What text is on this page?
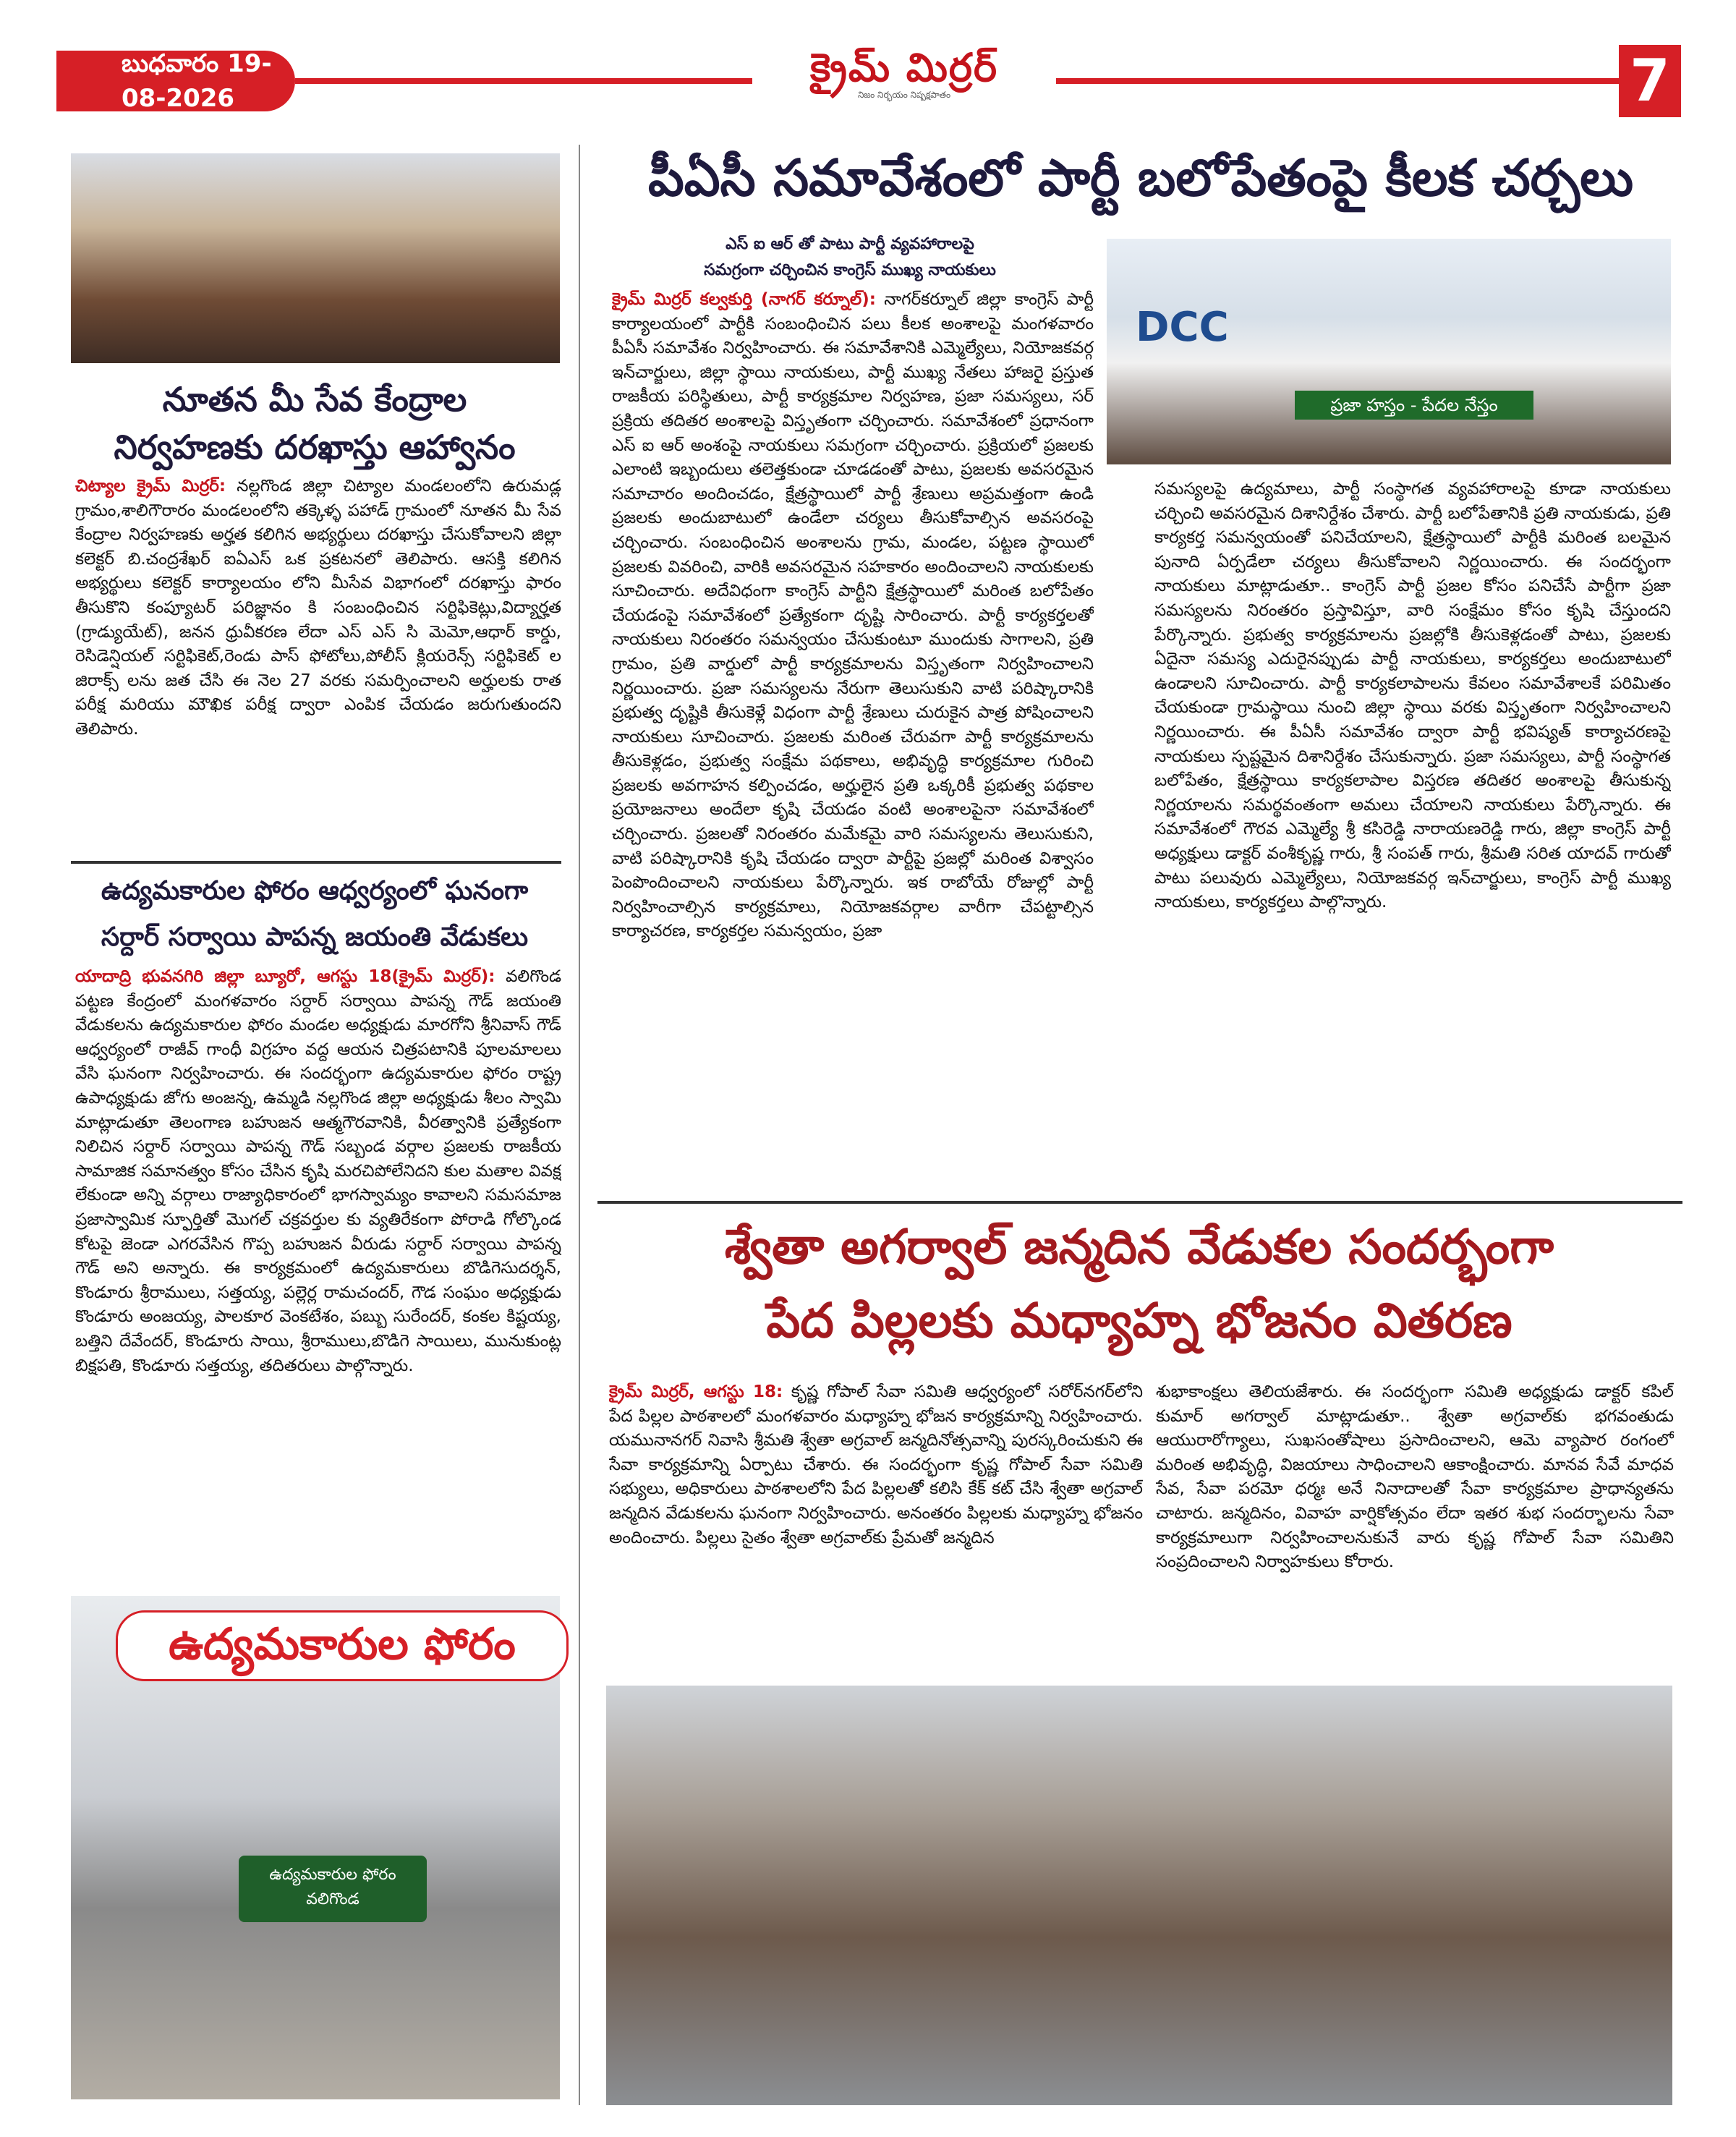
బుధవారం 19-08-2026
క్రైమ్ మిర్రర్
నిజం నిర్భయం నిష్పక్షపాతం	7
నూతన మీ సేవ కేంద్రాల
నిర్వహణకు దరఖాస్తు ఆహ్వానం
చిట్యాల క్రైమ్ మిర్రర్: నల్లగొండ జిల్లా చిట్యాల మండలంలోని ఉరుమడ్ల గ్రామం,శాలిగౌరారం మండలంలోని తక్కెళ్ళ పహాడ్ గ్రామంలో నూతన మీ సేవ కేంద్రాల నిర్వహణకు అర్హత కలిగిన అభ్యర్థులు దరఖాస్తు చేసుకోవాలని జిల్లా కలెక్టర్ బి.చంద్రశేఖర్ ఐఏఎస్ ఒక ప్రకటనలో తెలిపారు. ఆసక్తి కలిగిన అభ్యర్థులు కలెక్టర్ కార్యాలయం లోని మీసేవ విభాగంలో దరఖాస్తు ఫారం తీసుకొని కంప్యూటర్ పరిజ్ఞానం కి సంబంధించిన సర్టిఫికెట్లు,విద్యార్హత (గ్రాడ్యుయేట్), జనన ధ్రువీకరణ లేదా ఎస్ ఎస్ సి మెమో,ఆధార్ కార్డు, రెసిడెన్షియల్ సర్టిఫికెట్,రెండు పాస్ ఫోటోలు,పోలీస్ క్లియరెన్స్ సర్టిఫికెట్ ల జిరాక్స్ లను జత చేసి ఈ నెల 27 వరకు సమర్పించాలని అర్హులకు రాత పరీక్ష మరియు మౌఖిక పరీక్ష ద్వారా ఎంపిక చేయడం జరుగుతుందని తెలిపారు.
ఉద్యమకారుల ఫోరం ఆధ్వర్యంలో ఘనంగా
సర్దార్ సర్వాయి పాపన్న జయంతి వేడుకలు
యాదాద్రి భువనగిరి జిల్లా బ్యూరో, ఆగస్టు 18(క్రైమ్ మిర్రర్): వలిగొండ పట్టణ కేంద్రంలో మంగళవారం సర్దార్ సర్వాయి పాపన్న గౌడ్ జయంతి వేడుకలను ఉద్యమకారుల ఫోరం మండల అధ్యక్షుడు మారగోని శ్రీనివాస్ గౌడ్ ఆధ్వర్యంలో రాజీవ్ గాంధీ విగ్రహం వద్ద ఆయన చిత్రపటానికి పూలమాలలు వేసి ఘనంగా నిర్వహించారు. ఈ సందర్భంగా ఉద్యమకారుల ఫోరం రాష్ట్ర ఉపాధ్యక్షుడు జోగు అంజన్న, ఉమ్మడి నల్లగొండ జిల్లా అధ్యక్షుడు శీలం స్వామి మాట్లాడుతూ తెలంగాణ బహుజన ఆత్మగౌరవానికి, వీరత్వానికి ప్రత్యేకంగా నిలిచిన సర్దార్ సర్వాయి పాపన్న గౌడ్ సబ్బండ వర్గాల ప్రజలకు రాజకీయ సామాజిక సమానత్వం కోసం చేసిన కృషి మరచిపోలేనిదని కుల మతాల వివక్ష లేకుండా అన్ని వర్గాలు రాజ్యాధికారంలో భాగస్వామ్యం కావాలని సమసమాజ ప్రజాస్వామిక స్ఫూర్తితో మొగల్ చక్రవర్తుల కు వ్యతిరేకంగా పోరాడి గోల్కొండ కోటపై జెండా ఎగరవేసిన గొప్ప బహుజన వీరుడు సర్దార్ సర్వాయి పాపన్న గౌడ్ అని అన్నారు. ఈ కార్యక్రమంలో ఉద్యమకారులు బొడిగెసుదర్శన్, కొండూరు శ్రీరాములు, సత్తయ్య, పల్లెర్ల రామచందర్, గౌడ సంఘం అధ్యక్షుడు కొండూరు అంజయ్య, పాలకూర వెంకటేశం, పబ్బు సురేందర్, కంకల కిష్టయ్య, బత్తిని దేవేందర్, కొండూరు సాయి, శ్రీరాములు,బొడిగె సాయిలు, మునుకుంట్ల బిక్షపతి, కొండూరు సత్తయ్య, తదితరులు పాల్గొన్నారు.
ఉద్యమకారుల ఫోరం
ఉద్యమకారుల ఫోరం
వలిగొండ
పీఏసీ సమావేశంలో పార్టీ బలోపేతంపై కీలక చర్చలు
ఎస్ ఐ ఆర్ తో పాటు పార్టీ వ్యవహారాలపై
సమగ్రంగా చర్చించిన కాంగ్రెస్ ముఖ్య నాయకులు
DCC
ప్రజా హస్తం - పేదల నేస్తం
క్రైమ్ మిర్రర్ కల్వకుర్తి (నాగర్ కర్నూల్): నాగర్‌కర్నూల్ జిల్లా కాంగ్రెస్ పార్టీ కార్యాలయంలో పార్టీకి సంబంధించిన పలు కీలక అంశాలపై మంగళవారం పీఏసీ సమావేశం నిర్వహించారు. ఈ సమావేశానికి ఎమ్మెల్యేలు, నియోజకవర్గ ఇన్‌చార్జులు, జిల్లా స్థాయి నాయకులు, పార్టీ ముఖ్య నేతలు హాజరై ప్రస్తుత రాజకీయ పరిస్థితులు, పార్టీ కార్యక్రమాల నిర్వహణ, ప్రజా సమస్యలు, సర్ ప్రక్రియ తదితర అంశాలపై విస్తృతంగా చర్చించారు. సమావేశంలో ప్రధానంగా ఎస్ ఐ ఆర్ అంశంపై నాయకులు సమగ్రంగా చర్చించారు. ప్రక్రియలో ప్రజలకు ఎలాంటి ఇబ్బందులు తలెత్తకుండా చూడడంతో పాటు, ప్రజలకు అవసరమైన సమాచారం అందించడం, క్షేత్రస్థాయిలో పార్టీ శ్రేణులు అప్రమత్తంగా ఉండి ప్రజలకు అందుబాటులో ఉండేలా చర్యలు తీసుకోవాల్సిన అవసరంపై చర్చించారు. సంబంధించిన అంశాలను గ్రామ, మండల, పట్టణ స్థాయిలో ప్రజలకు వివరించి, వారికి అవసరమైన సహకారం అందించాలని నాయకులకు సూచించారు. అదేవిధంగా కాంగ్రెస్ పార్టీని క్షేత్రస్థాయిలో మరింత బలోపేతం చేయడంపై సమావేశంలో ప్రత్యేకంగా దృష్టి సారించారు. పార్టీ కార్యకర్తలతో నాయకులు నిరంతరం సమన్వయం చేసుకుంటూ ముందుకు సాగాలని, ప్రతి గ్రామం, ప్రతి వార్డులో పార్టీ కార్యక్రమాలను విస్తృతంగా నిర్వహించాలని నిర్ణయించారు. ప్రజా సమస్యలను నేరుగా తెలుసుకుని వాటి పరిష్కారానికి ప్రభుత్వ దృష్టికి తీసుకెళ్లే విధంగా పార్టీ శ్రేణులు చురుకైన పాత్ర పోషించాలని నాయకులు సూచించారు. ప్రజలకు మరింత చేరువగా పార్టీ కార్యక్రమాలను తీసుకెళ్లడం, ప్రభుత్వ సంక్షేమ పథకాలు, అభివృద్ధి కార్యక్రమాల గురించి ప్రజలకు అవగాహన కల్పించడం, అర్హులైన ప్రతి ఒక్కరికీ ప్రభుత్వ పథకాల ప్రయోజనాలు అందేలా కృషి చేయడం వంటి అంశాలపైనా సమావేశంలో చర్చించారు. ప్రజలతో నిరంతరం మమేకమై వారి సమస్యలను తెలుసుకుని, వాటి పరిష్కారానికి కృషి చేయడం ద్వారా పార్టీపై ప్రజల్లో మరింత విశ్వాసం పెంపొందించాలని నాయకులు పేర్కొన్నారు. ఇక రాబోయే రోజుల్లో పార్టీ నిర్వహించాల్సిన కార్యక్రమాలు, నియోజకవర్గాల వారీగా చేపట్టాల్సిన కార్యాచరణ, కార్యకర్తల సమన్వయం, ప్రజా
సమస్యలపై ఉద్యమాలు, పార్టీ సంస్థాగత వ్యవహారాలపై కూడా నాయకులు చర్చించి అవసరమైన దిశానిర్దేశం చేశారు. పార్టీ బలోపేతానికి ప్రతి నాయకుడు, ప్రతి కార్యకర్త సమన్వయంతో పనిచేయాలని, క్షేత్రస్థాయిలో పార్టీకి మరింత బలమైన పునాది ఏర్పడేలా చర్యలు తీసుకోవాలని నిర్ణయించారు. ఈ సందర్భంగా నాయకులు మాట్లాడుతూ.. కాంగ్రెస్ పార్టీ ప్రజల కోసం పనిచేసే పార్టీగా ప్రజా సమస్యలను నిరంతరం ప్రస్తావిస్తూ, వారి సంక్షేమం కోసం కృషి చేస్తుందని పేర్కొన్నారు. ప్రభుత్వ కార్యక్రమాలను ప్రజల్లోకి తీసుకెళ్లడంతో పాటు, ప్రజలకు ఏదైనా సమస్య ఎదురైనప్పుడు పార్టీ నాయకులు, కార్యకర్తలు అందుబాటులో ఉండాలని సూచించారు. పార్టీ కార్యకలాపాలను కేవలం సమావేశాలకే పరిమితం చేయకుండా గ్రామస్థాయి నుంచి జిల్లా స్థాయి వరకు విస్తృతంగా నిర్వహించాలని నిర్ణయించారు. ఈ పీఏసీ సమావేశం ద్వారా పార్టీ భవిష్యత్ కార్యాచరణపై నాయకులు స్పష్టమైన దిశానిర్దేశం చేసుకున్నారు. ప్రజా సమస్యలు, పార్టీ సంస్థాగత బలోపేతం, క్షేత్రస్థాయి కార్యకలాపాల విస్తరణ తదితర అంశాలపై తీసుకున్న నిర్ణయాలను సమర్థవంతంగా అమలు చేయాలని నాయకులు పేర్కొన్నారు. ఈ సమావేశంలో గౌరవ ఎమ్మెల్యే శ్రీ కసిరెడ్డి నారాయణరెడ్డి గారు, జిల్లా కాంగ్రెస్ పార్టీ అధ్యక్షులు డాక్టర్ వంశీకృష్ణ గారు, శ్రీ సంపత్ గారు, శ్రీమతి సరిత యాదవ్ గారుతో పాటు పలువురు ఎమ్మెల్యేలు, నియోజకవర్గ ఇన్‌చార్జులు, కాంగ్రెస్ పార్టీ ముఖ్య నాయకులు, కార్యకర్తలు పాల్గొన్నారు.
శ్వేతా అగర్వాల్ జన్మదిన వేడుకల సందర్భంగా
పేద పిల్లలకు మధ్యాహ్న భోజనం వితరణ
క్రైమ్ మిర్రర్, ఆగస్టు 18: కృష్ణ గోపాల్ సేవా సమితి ఆధ్వర్యంలో సరోర్‌నగర్‌లోని పేద పిల్లల పాఠశాలలో మంగళవారం మధ్యాహ్న భోజన కార్యక్రమాన్ని నిర్వహించారు. యమునానగర్ నివాసి శ్రీమతి శ్వేతా అగ్రవాల్ జన్మదినోత్సవాన్ని పురస్కరించుకుని ఈ సేవా కార్యక్రమాన్ని ఏర్పాటు చేశారు. ఈ సందర్భంగా కృష్ణ గోపాల్ సేవా సమితి సభ్యులు, అధికారులు పాఠశాలలోని పేద పిల్లలతో కలిసి కేక్ కట్ చేసి శ్వేతా అగ్రవాల్ జన్మదిన వేడుకలను ఘనంగా నిర్వహించారు. అనంతరం పిల్లలకు మధ్యాహ్న భోజనం అందించారు. పిల్లలు సైతం శ్వేతా అగ్రవాల్‌కు ప్రేమతో జన్మదిన
శుభాకాంక్షలు తెలియజేశారు. ఈ సందర్భంగా సమితి అధ్యక్షుడు డాక్టర్ కపిల్ కుమార్ అగర్వాల్ మాట్లాడుతూ.. శ్వేతా అగ్రవాల్‌కు భగవంతుడు ఆయురారోగ్యాలు, సుఖసంతోషాలు ప్రసాదించాలని, ఆమె వ్యాపార రంగంలో మరింత అభివృద్ధి, విజయాలు సాధించాలని ఆకాంక్షించారు. మానవ సేవే మాధవ సేవ, సేవా పరమో ధర్మః అనే నినాదాలతో సేవా కార్యక్రమాల ప్రాధాన్యతను చాటారు. జన్మదినం, వివాహ వార్షికోత్సవం లేదా ఇతర శుభ సందర్భాలను సేవా కార్యక్రమాలుగా నిర్వహించాలనుకునే వారు కృష్ణ గోపాల్ సేవా సమితిని సంప్రదించాలని నిర్వాహకులు కోరారు.
